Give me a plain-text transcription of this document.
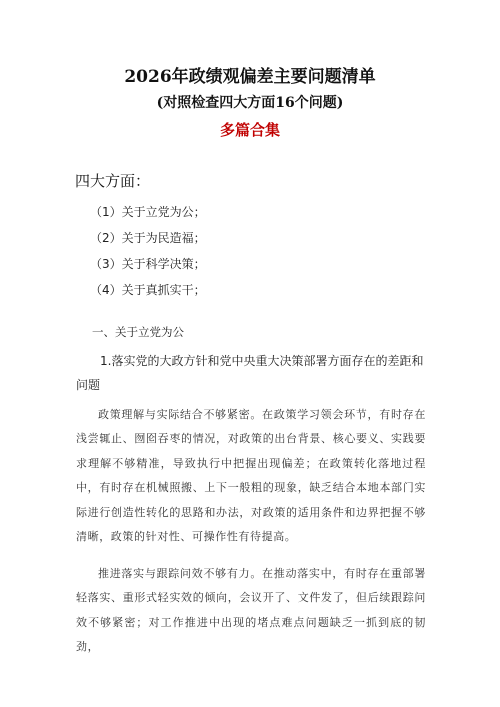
2026年政绩观偏差主要问题清单
(对照检查四大方面16个问题)
多篇合集
四大方面：
（1）关于立党为公；
（2）关于为民造福；
（3）关于科学决策；
（4）关于真抓实干；
一、关于立党为公

1.落实党的大政方针和党中央重大决策部署方面存在的差距和问题

政策理解与实际结合不够紧密。在政策学习领会环节，有时存在浅尝辄止、囫囵吞枣的情况，对政策的出台背景、核心要义、实践要求理解不够精准，导致执行中把握出现偏差；在政策转化落地过程中，有时存在机械照搬、上下一般粗的现象，缺乏结合本地本部门实际进行创造性转化的思路和办法，对政策的适用条件和边界把握不够清晰，政策的针对性、可操作性有待提高。

推进落实与跟踪问效不够有力。在推动落实中，有时存在重部署轻落实、重形式轻实效的倾向，会议开了、文件发了，但后续跟踪问效不够紧密；对工作推进中出现的堵点难点问题缺乏一抓到底的韧劲，
